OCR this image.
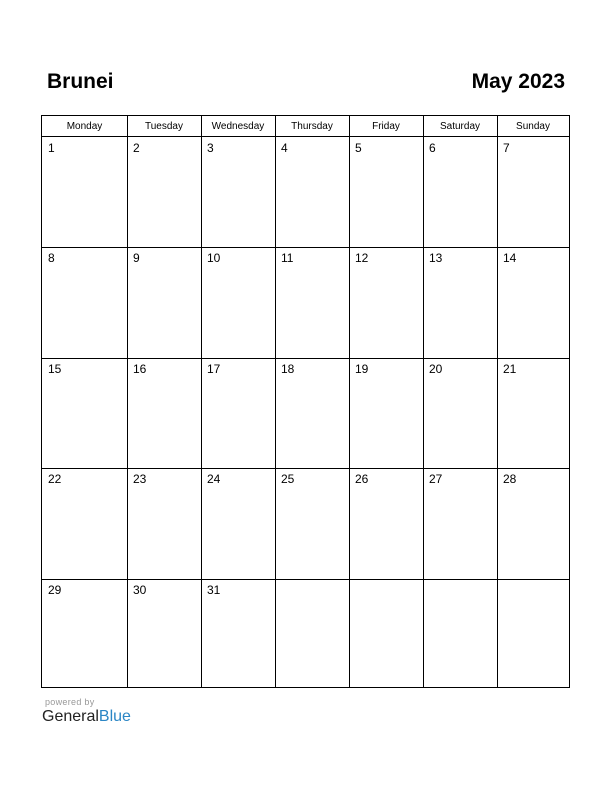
Brunei	May 2023
Monday	Tuesday	Wednesday	Thursday	Friday	Saturday	Sunday
1	2	3	4	5	6	7
8	9	10	11	12	13	14
15	16	17	18	19	20	21
22	23	24	25	26	27	28
29	30	31
powered by
GeneralBlue
